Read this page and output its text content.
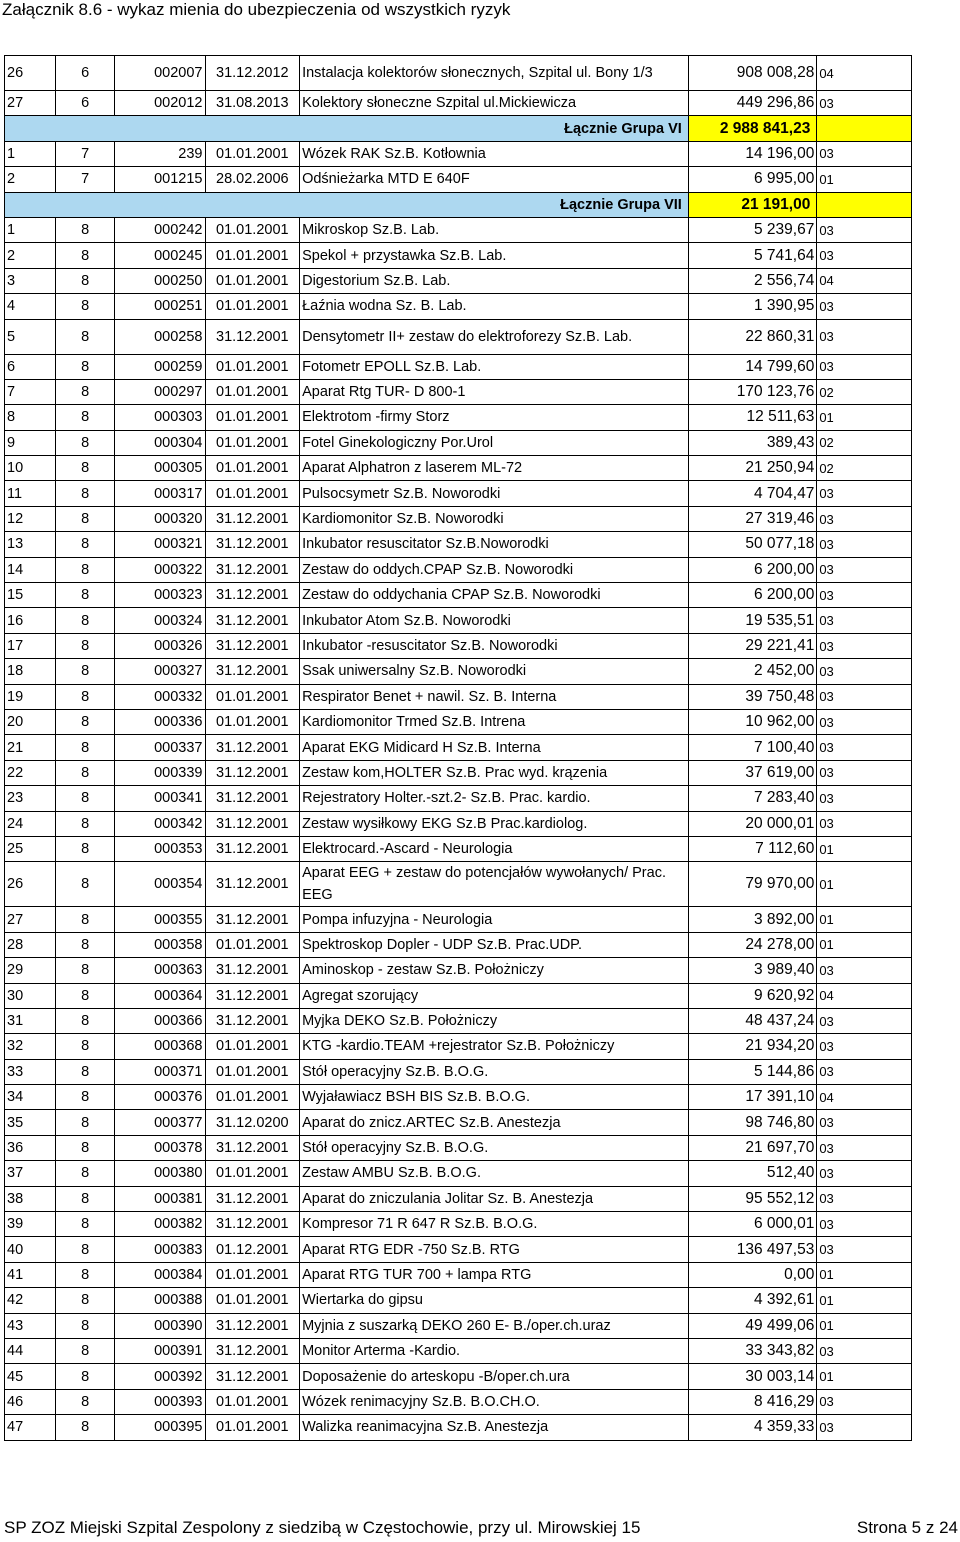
Załącznik 8.6 - wykaz mienia do ubezpieczenia od wszystkich ryzyk
26	6	002007	31.12.2012	Instalacja kolektorów słonecznych, Szpital ul. Bony 1/3	908 008,28	04
27	6	002012	31.08.2013	Kolektory słoneczne Szpital ul.Mickiewicza	449 296,86	03
Łącznie Grupa VI					2 988 841,23	
1	7	239	01.01.2001	Wózek RAK Sz.B. Kotłownia	14 196,00	03
2	7	001215	28.02.2006	Odśnieżarka MTD E 640F	6 995,00	01
Łącznie Grupa VII					21 191,00	
1	8	000242	01.01.2001	Mikroskop Sz.B. Lab.	5 239,67	03
2	8	000245	01.01.2001	Spekol + przystawka Sz.B. Lab.	5 741,64	03
3	8	000250	01.01.2001	Digestorium Sz.B. Lab.	2 556,74	04
4	8	000251	01.01.2001	Łaźnia wodna Sz. B. Lab.	1 390,95	03
5	8	000258	31.12.2001	Densytometr II+ zestaw do elektroforezy Sz.B. Lab.	22 860,31	03
6	8	000259	01.01.2001	Fotometr EPOLL Sz.B. Lab.	14 799,60	03
7	8	000297	01.01.2001	Aparat Rtg TUR- D 800-1	170 123,76	02
8	8	000303	01.01.2001	Elektrotom -firmy Storz	12 511,63	01
9	8	000304	01.01.2001	Fotel Ginekologiczny Por.Urol	389,43	02
10	8	000305	01.01.2001	Aparat Alphatron z laserem ML-72	21 250,94	02
11	8	000317	01.01.2001	Pulsocsymetr Sz.B. Noworodki	4 704,47	03
12	8	000320	31.12.2001	Kardiomonitor Sz.B. Noworodki	27 319,46	03
13	8	000321	31.12.2001	Inkubator resuscitator Sz.B.Noworodki	50 077,18	03
14	8	000322	31.12.2001	Zestaw do oddych.CPAP Sz.B. Noworodki	6 200,00	03
15	8	000323	31.12.2001	Zestaw do oddychania CPAP Sz.B. Noworodki	6 200,00	03
16	8	000324	31.12.2001	Inkubator Atom Sz.B. Noworodki	19 535,51	03
17	8	000326	31.12.2001	Inkubator -resuscitator Sz.B. Noworodki	29 221,41	03
18	8	000327	31.12.2001	Ssak uniwersalny Sz.B. Noworodki	2 452,00	03
19	8	000332	01.01.2001	Respirator Benet + nawil. Sz. B. Interna	39 750,48	03
20	8	000336	01.01.2001	Kardiomonitor Trmed Sz.B. Intrena	10 962,00	03
21	8	000337	31.12.2001	Aparat EKG Midicard H Sz.B. Interna	7 100,40	03
22	8	000339	31.12.2001	Zestaw kom,HOLTER Sz.B. Prac wyd. krązenia	37 619,00	03
23	8	000341	31.12.2001	Rejestratory Holter.-szt.2- Sz.B. Prac. kardio.	7 283,40	03
24	8	000342	31.12.2001	Zestaw wysiłkowy EKG Sz.B Prac.kardiolog.	20 000,01	03
25	8	000353	31.12.2001	Elektrocard.-Ascard - Neurologia	7 112,60	01
26	8	000354	31.12.2001	Aparat EEG + zestaw do potencjałów wywołanych/ Prac. EEG	79 970,00	01
27	8	000355	31.12.2001	Pompa infuzyjna - Neurologia	3 892,00	01
28	8	000358	01.01.2001	Spektroskop Dopler - UDP Sz.B. Prac.UDP.	24 278,00	01
29	8	000363	31.12.2001	Aminoskop - zestaw Sz.B. Położniczy	3 989,40	03
30	8	000364	31.12.2001	Agregat szorujący	9 620,92	04
31	8	000366	31.12.2001	Myjka DEKO Sz.B. Położniczy	48 437,24	03
32	8	000368	01.01.2001	KTG -kardio.TEAM +rejestrator Sz.B. Położniczy	21 934,20	03
33	8	000371	01.01.2001	Stół operacyjny Sz.B. B.O.G.	5 144,86	03
34	8	000376	01.01.2001	Wyjaławiacz BSH BIS Sz.B. B.O.G.	17 391,10	04
35	8	000377	31.12.0200	Aparat do znicz.ARTEC Sz.B. Anestezja	98 746,80	03
36	8	000378	31.12.2001	Stół operacyjny Sz.B. B.O.G.	21 697,70	03
37	8	000380	01.01.2001	Zestaw AMBU Sz.B. B.O.G.	512,40	03
38	8	000381	31.12.2001	Aparat do zniczulania Jolitar Sz. B. Anestezja	95 552,12	03
39	8	000382	31.12.2001	Kompresor 71 R 647 R Sz.B. B.O.G.	6 000,01	03
40	8	000383	01.12.2001	Aparat RTG EDR -750 Sz.B. RTG	136 497,53	03
41	8	000384	01.01.2001	Aparat RTG TUR 700 + lampa RTG	0,00	01
42	8	000388	01.01.2001	Wiertarka do gipsu	4 392,61	01
43	8	000390	31.12.2001	Myjnia z suszarką DEKO 260 E- B./oper.ch.uraz	49 499,06	01
44	8	000391	31.12.2001	Monitor Arterma -Kardio.	33 343,82	03
45	8	000392	31.12.2001	Doposażenie do arteskopu -B/oper.ch.ura	30 003,14	01
46	8	000393	01.01.2001	Wózek renimacyjny Sz.B. B.O.CH.O.	8 416,29	03
47	8	000395	01.01.2001	Walizka reanimacyjna Sz.B. Anestezja	4 359,33	03
SP ZOZ Miejski Szpital Zespolony z siedzibą w Częstochowie, przy ul. Mirowskiej 15	Strona 5 z 24
